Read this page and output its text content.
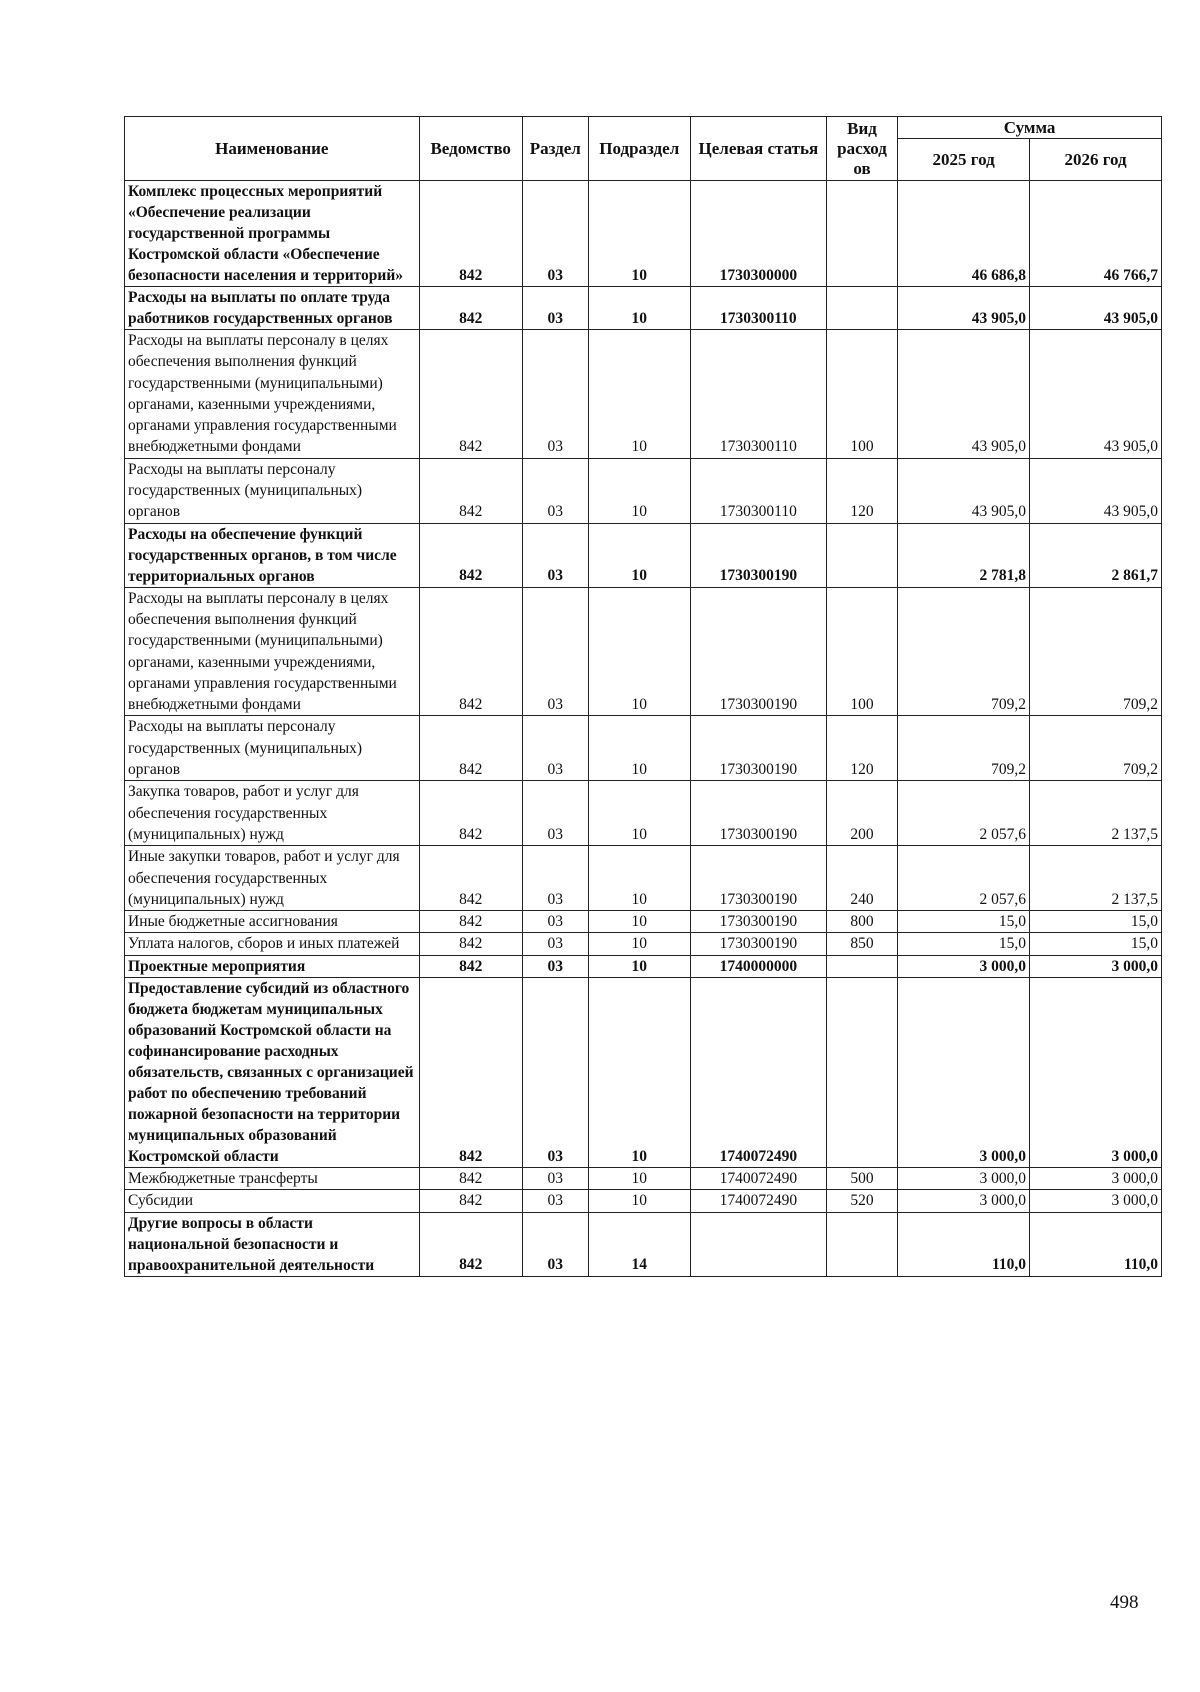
Наименование	Ведомство	Раздел	Подраздел	Целевая статья	Вид расход ов	Сумма	
						2025 год	2026 год
Комплекс процессных мероприятий «Обеспечение реализации государственной программы Костромской области «Обеспечение безопасности населения и территорий»	842	03	10	1730300000		46 686,8	46 766,7
Расходы на выплаты по оплате труда работников государственных органов	842	03	10	1730300110		43 905,0	43 905,0
Расходы на выплаты персоналу в целях обеспечения выполнения функций государственными (муниципальными) органами, казенными учреждениями, органами управления государственными внебюджетными фондами	842	03	10	1730300110	100	43 905,0	43 905,0
Расходы на выплаты персоналу государственных (муниципальных) органов	842	03	10	1730300110	120	43 905,0	43 905,0
Расходы на обеспечение функций государственных органов, в том числе территориальных органов	842	03	10	1730300190		2 781,8	2 861,7
Расходы на выплаты персоналу в целях обеспечения выполнения функций государственными (муниципальными) органами, казенными учреждениями, органами управления государственными внебюджетными фондами	842	03	10	1730300190	100	709,2	709,2
Расходы на выплаты персоналу государственных (муниципальных) органов	842	03	10	1730300190	120	709,2	709,2
Закупка товаров, работ и услуг для обеспечения государственных (муниципальных) нужд	842	03	10	1730300190	200	2 057,6	2 137,5
Иные закупки товаров, работ и услуг для обеспечения государственных (муниципальных) нужд	842	03	10	1730300190	240	2 057,6	2 137,5
Иные бюджетные ассигнования	842	03	10	1730300190	800	15,0	15,0
Уплата налогов, сборов и иных платежей	842	03	10	1730300190	850	15,0	15,0
Проектные мероприятия	842	03	10	1740000000		3 000,0	3 000,0
Предоставление субсидий из областного бюджета бюджетам муниципальных образований Костромской области на софинансирование расходных обязательств, связанных с организацией работ по обеспечению требований пожарной безопасности на территории муниципальных образований Костромской области	842	03	10	1740072490		3 000,0	3 000,0
Межбюджетные трансферты	842	03	10	1740072490	500	3 000,0	3 000,0
Субсидии	842	03	10	1740072490	520	3 000,0	3 000,0
Другие вопросы в области национальной безопасности и правоохранительной деятельности	842	03	14			110,0	110,0
498
